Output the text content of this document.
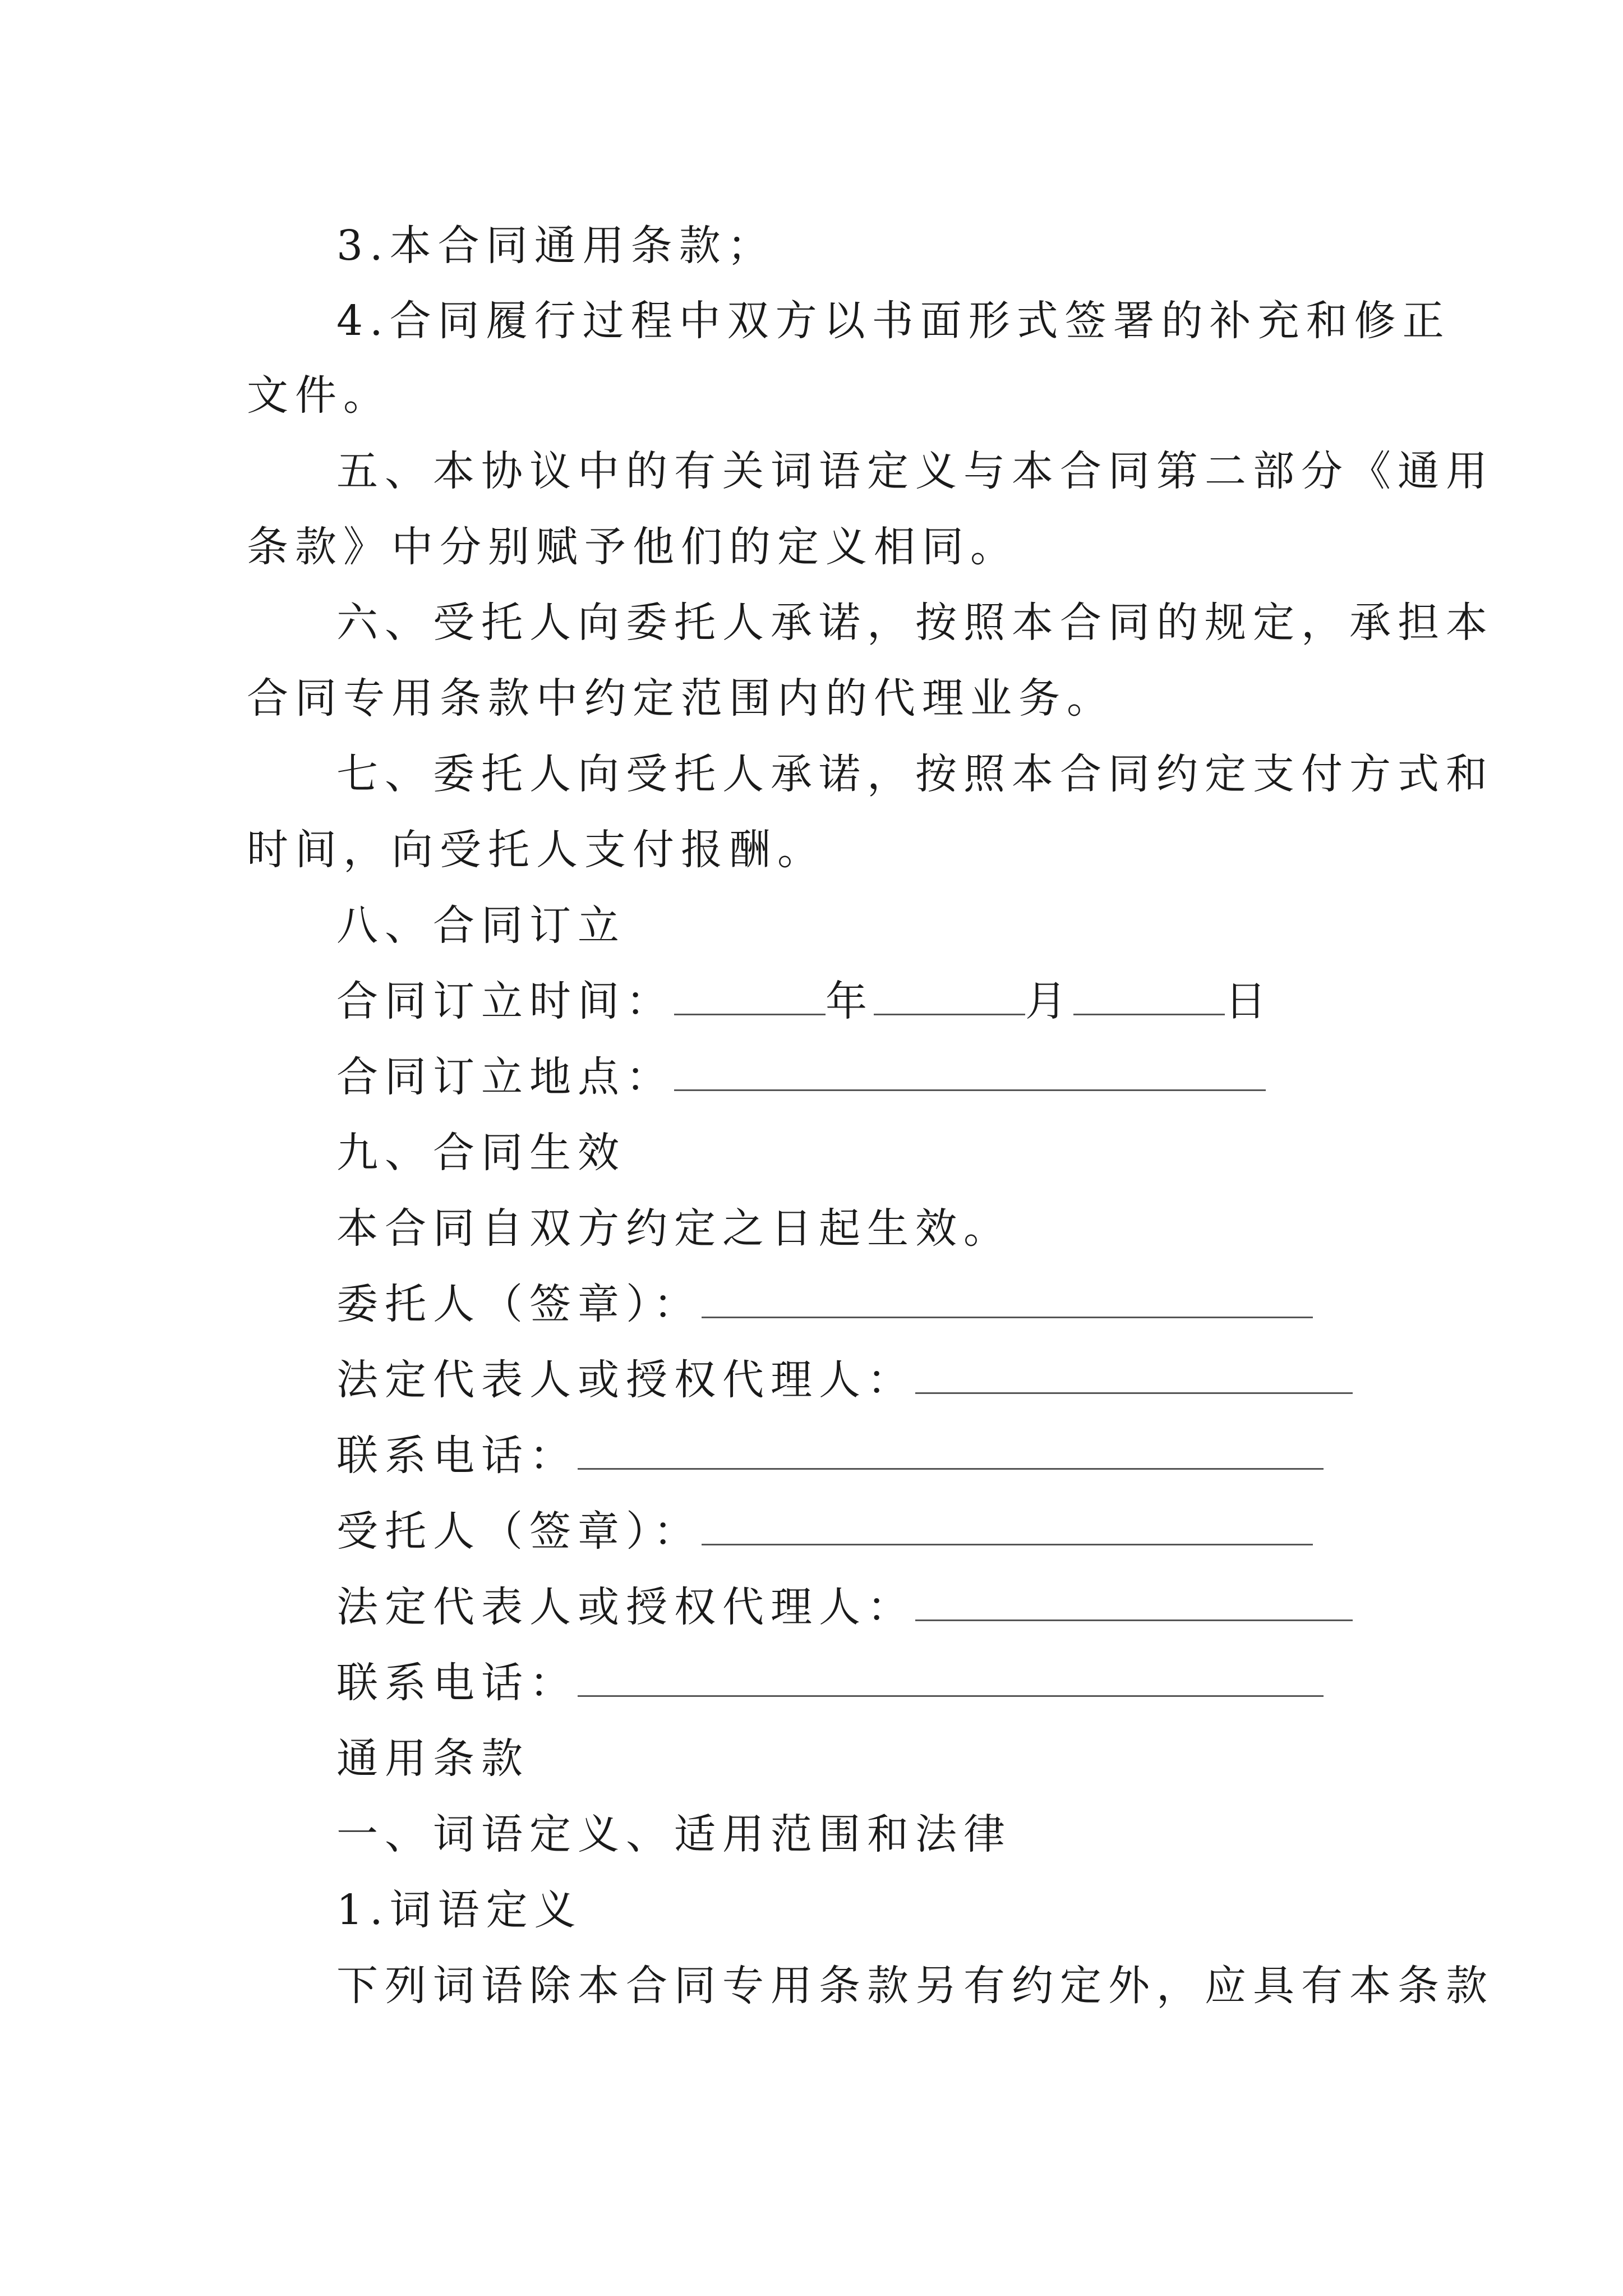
3.本合同通用条款；
4.合同履行过程中双方以书面形式签署的补充和修正
文件。
五、本协议中的有关词语定义与本合同第二部分《通用
条款》中分别赋予他们的定义相同。
六、受托人向委托人承诺，按照本合同的规定，承担本
合同专用条款中约定范围内的代理业务。
七、委托人向受托人承诺，按照本合同约定支付方式和
时间，向受托人支付报酬。
八、合同订立
合同订立时间：	年	月	日
合同订立地点：
九、合同生效
本合同自双方约定之日起生效。
委托人（签章）：
法定代表人或授权代理人：
联系电话：
受托人（签章）：
法定代表人或授权代理人：
联系电话：
通用条款
一、词语定义、适用范围和法律
1.词语定义
下列词语除本合同专用条款另有约定外，应具有本条款
